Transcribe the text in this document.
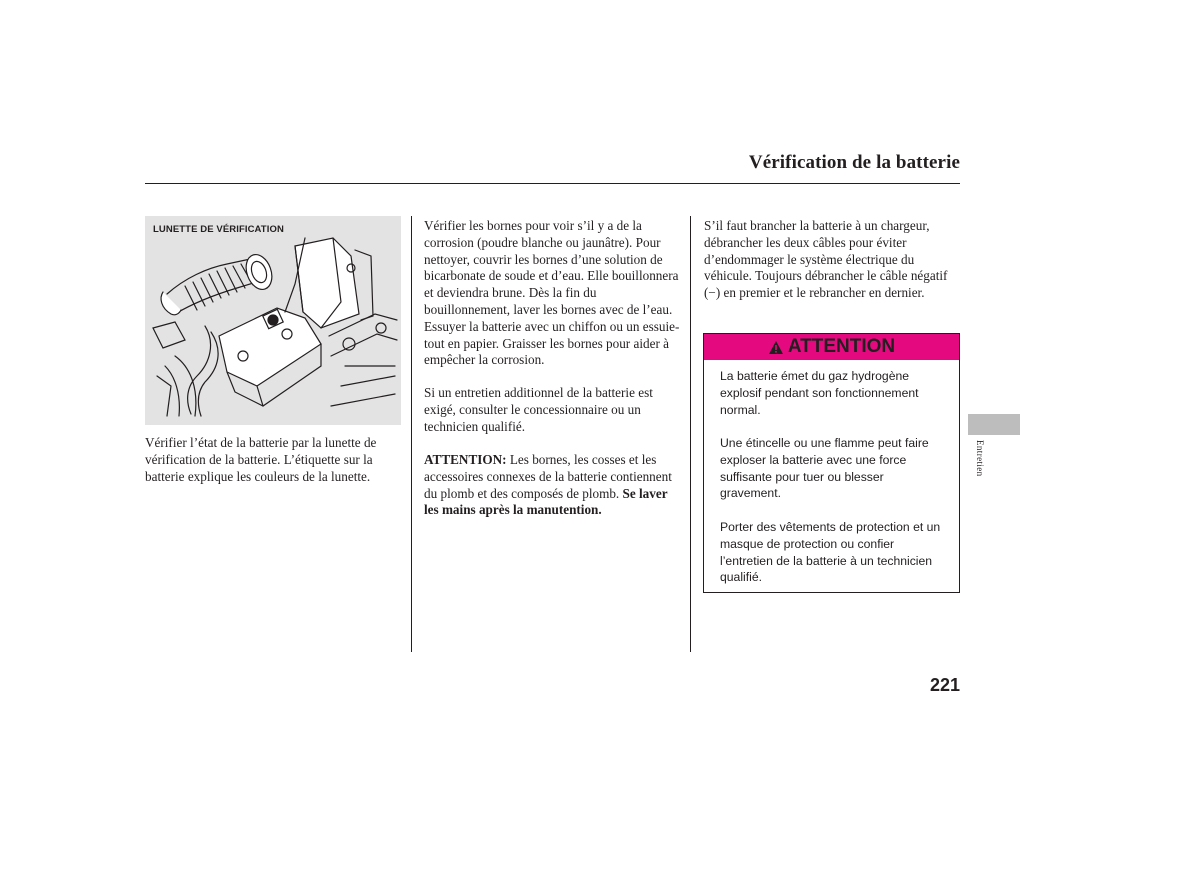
Vérification de la batterie
LUNETTE DE VÉRIFICATION
Vérifier l’état de la batterie par la lunette de vérification de la batterie. L’étiquette sur la batterie explique les couleurs de la lunette.
Vérifier les bornes pour voir s’il y a de la corrosion (poudre blanche ou jaunâtre). Pour nettoyer, couvrir les bornes d’une solution de bicarbonate de soude et d’eau. Elle bouillonnera et deviendra brune. Dès la fin du bouillonnement, laver les bornes avec de l’eau. Essuyer la batterie avec un chiffon ou un essuie-tout en papier. Graisser les bornes pour aider à empêcher la corrosion.
Si un entretien additionnel de la batterie est exigé, consulter le concessionnaire ou un technicien qualifié.
ATTENTION: Les bornes, les cosses et les accessoires connexes de la batterie contiennent du plomb et des composés de plomb. Se laver les mains après la manutention.
S’il faut brancher la batterie à un chargeur, débrancher les deux câbles pour éviter d’endommager le système électrique du véhicule. Toujours débrancher le câble négatif (−) en premier et le rebrancher en dernier.
ATTENTION
La batterie émet du gaz hydrogène explosif pendant son fonctionnement normal.
Une étincelle ou une flamme peut faire exploser la batterie avec une force suffisante pour tuer ou blesser gravement.
Porter des vêtements de protection et un masque de protection ou confier l’entretien de la batterie à un technicien qualifié.
Entretien
221
